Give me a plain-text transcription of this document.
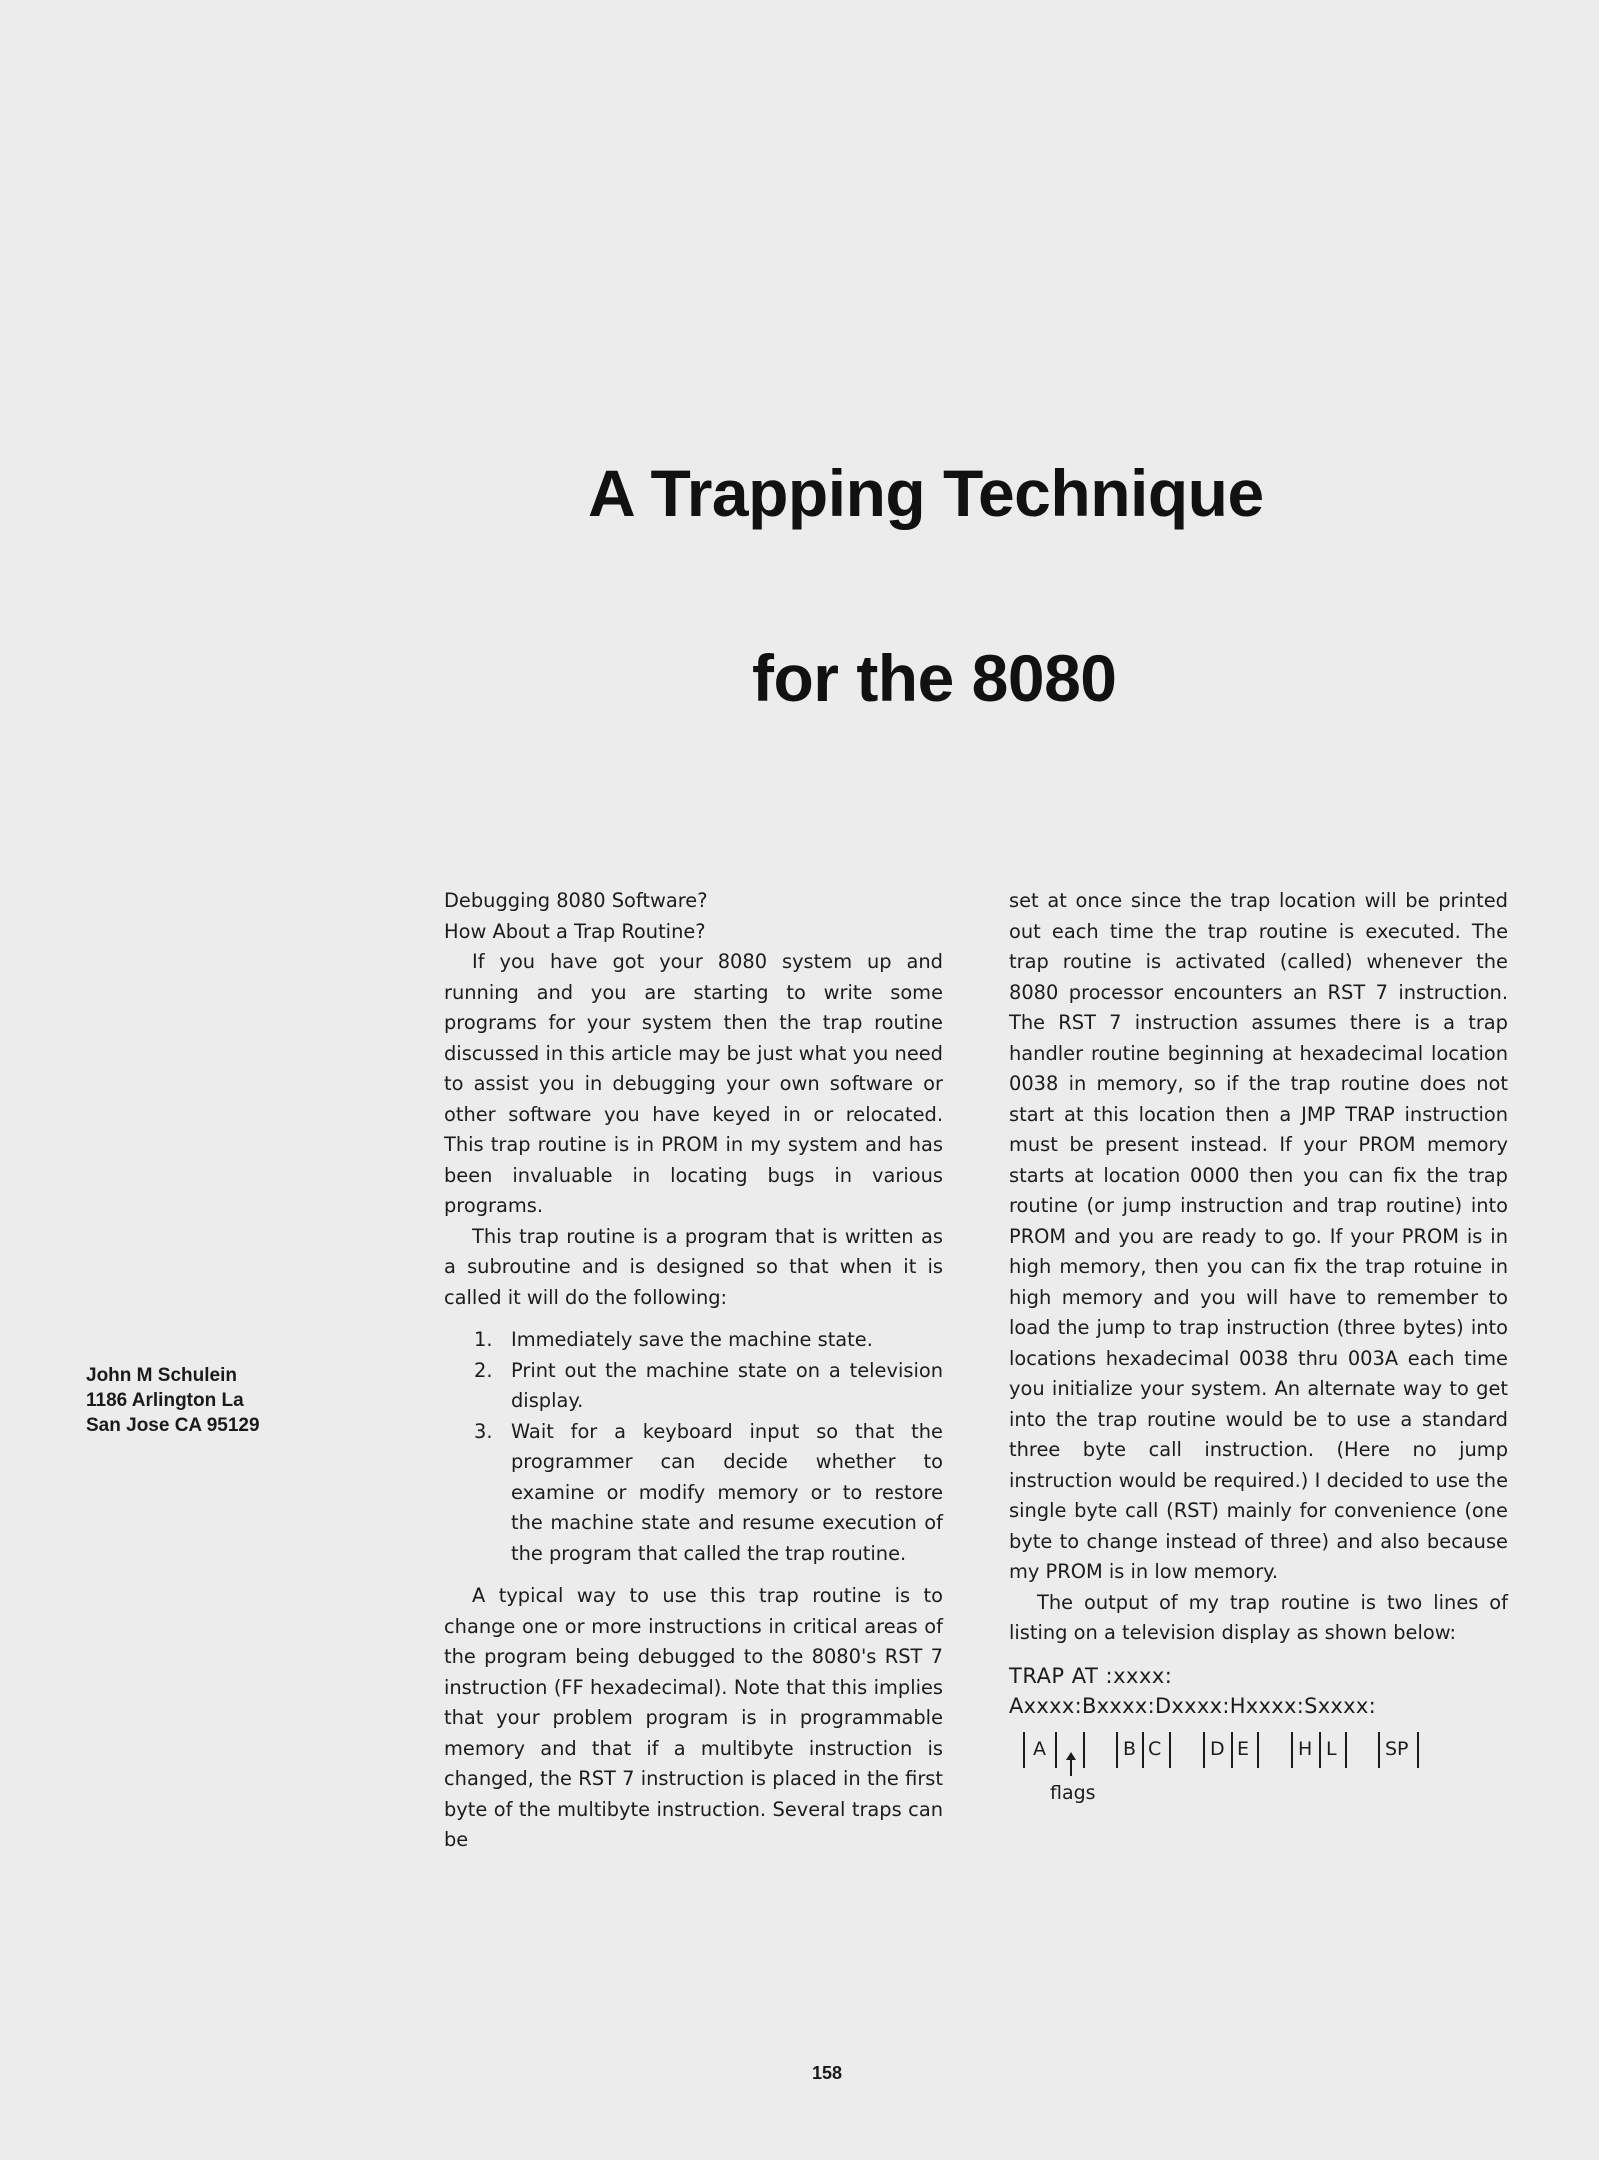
A Trapping Technique
for the 8080
John M Schulein
1186 Arlington La
San Jose CA 95129
Debugging 8080 Software?
How About a Trap Routine?

If you have got your 8080 system up and running and you are starting to write some programs for your system then the trap routine discussed in this article may be just what you need to assist you in debugging your own software or other software you have keyed in or relocated. This trap routine is in PROM in my system and has been invaluable in locating bugs in various programs.

This trap routine is a program that is written as a subroutine and is designed so that when it is called it will do the following:

1. Immediately save the machine state.
2. Print out the machine state on a television display.
3. Wait for a keyboard input so that the programmer can decide whether to examine or modify memory or to restore the machine state and resume execution of the program that called the trap routine.

A typical way to use this trap routine is to change one or more instructions in critical areas of the program being debugged to the 8080's RST 7 instruction (FF hexadecimal). Note that this implies that your problem program is in programmable memory and that if a multibyte instruction is changed, the RST 7 instruction is placed in the first byte of the multibyte instruction. Several traps can be

set at once since the trap location will be printed out each time the trap routine is executed. The trap routine is activated (called) whenever the 8080 processor encounters an RST 7 instruction. The RST 7 instruction assumes there is a trap handler routine beginning at hexadecimal location 0038 in memory, so if the trap routine does not start at this location then a JMP TRAP instruction must be present instead. If your PROM memory starts at location 0000 then you can fix the trap routine (or jump instruction and trap routine) into PROM and you are ready to go. If your PROM is in high memory, then you can fix the trap rotuine in high memory and you will have to remember to load the jump to trap instruction (three bytes) into locations hexadecimal 0038 thru 003A each time you initialize your system. An alternate way to get into the trap routine would be to use a standard three byte call instruction. (Here no jump instruction would be required.) I decided to use the single byte call (RST) mainly for convenience (one byte to change instead of three) and also because my PROM is in low memory.

The output of my trap routine is two lines of listing on a television display as shown below:

TRAP AT :xxxx:
Axxxx:Bxxxx:Dxxxx:Hxxxx:Sxxxx:
A	B C	D E	H L	SP
flags
158
